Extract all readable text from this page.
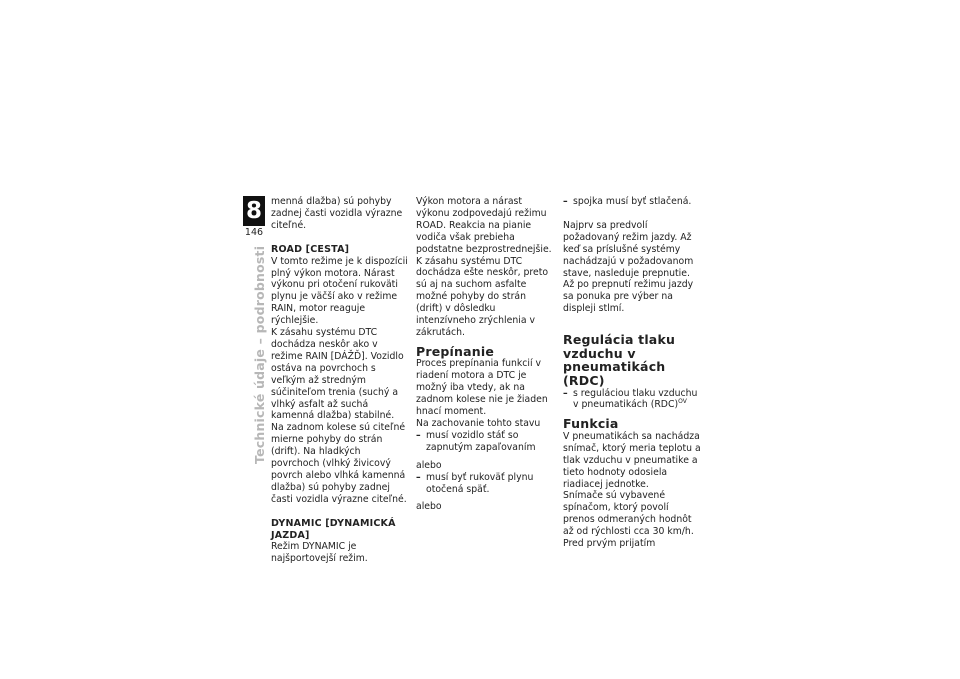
8
146
Technické údaje – podrobnosti

menná dlažba) sú pohyby zadnej časti vozidla výrazne citeľné.

ROAD [CESTA]

V tomto režime je k dispozícii plný výkon motora. Nárast výkonu pri otočení rukoväti plynu je väčší ako v režime RAIN, motor reaguje rýchlejšie.

K zásahu systému DTC dochádza neskôr ako v režime RAIN [DÁŽĎ]. Vozidlo ostáva na povrchoch s veľkým až stredným súčiniteľom trenia (suchý a vlhký asfalt až suchá kamenná dlažba) stabilné. Na zadnom kolese sú citeľné mierne pohyby do strán (drift). Na hladkých povrchoch (vlhký živicový povrch alebo vlhká kamenná dlažba) sú pohyby zadnej časti vozidla výrazne citeľné.

DYNAMIC [DYNAMICKÁ JAZDA]

Režim DYNAMIC je najšportovejší režim.

Výkon motora a nárast výkonu zodpovedajú režimu ROAD. Reakcia na pianie vodiča však prebieha podstatne bezprostrednejšie.

K zásahu systému DTC dochádza ešte neskôr, preto sú aj na suchom asfalte možné pohyby do strán (drift) v dôsledku intenzívneho zrýchlenia v zákrutách.

Prepínanie

Proces prepínania funkcií v riadení motora a DTC je možný iba vtedy, ak na zadnom kolese nie je žiaden hnací moment.

Na zachovanie tohto stavu

– musí vozidlo stáť so zapnutým zapaľovaním

alebo

– musí byť rukoväť plynu otočená späť.

alebo

– spojka musí byť stlačená.

Najprv sa predvolí požadovaný režim jazdy. Až keď sa príslušné systémy nachádzajú v požadovanom stave, nasleduje prepnutie. Až po prepnutí režimu jazdy sa ponuka pre výber na displeji stlmí.

Regulácia tlaku vzduchu v pneumatikách (RDC)
– s reguláciou tlaku vzduchu v pneumatikách (RDC)$^{OV}$
Funkcia

V pneumatikách sa nachádza snímač, ktorý meria teplotu a tlak vzduchu v pneumatike a tieto hodnoty odosiela riadiacej jednotke.

Snímače sú vybavené spínačom, ktorý povolí prenos odmeraných hodnôt až od rýchlosti cca 30 km/h. Pred prvým prijatím
